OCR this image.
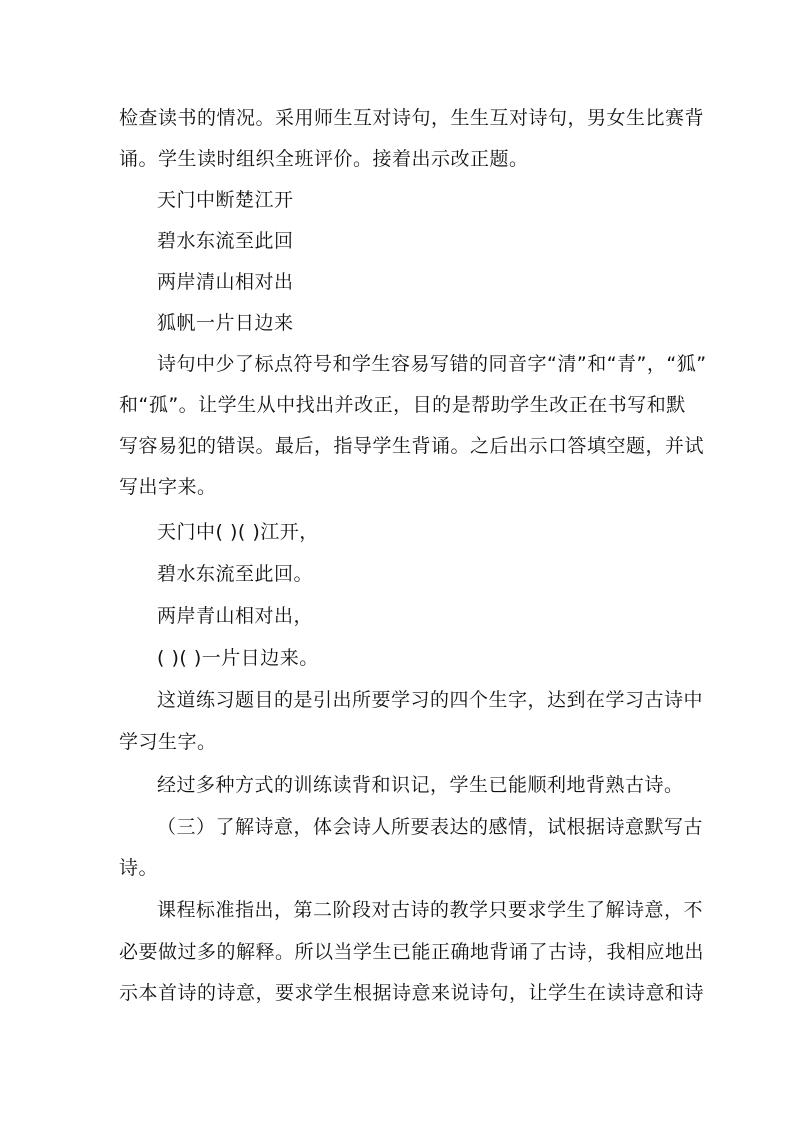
检查读书的情况。采用师生互对诗句，生生互对诗句，男女生比赛背
诵。学生读时组织全班评价。接着出示改正题。
天门中断楚江开
碧水东流至此回
两岸清山相对出
狐帆一片日边来
诗句中少了标点符号和学生容易写错的同音字“清”和“青”，“狐”
和“孤”。让学生从中找出并改正，目的是帮助学生改正在书写和默
写容易犯的错误。最后，指导学生背诵。之后出示口答填空题，并试
写出字来。
天门中( )( )江开，
碧水东流至此回。
两岸青山相对出，
( )( )一片日边来。
这道练习题目的是引出所要学习的四个生字，达到在学习古诗中
学习生字。
经过多种方式的训练读背和识记，学生已能顺利地背熟古诗。
（三）了解诗意，体会诗人所要表达的感情，试根据诗意默写古
诗。
课程标准指出，第二阶段对古诗的教学只要求学生了解诗意，不
必要做过多的解释。所以当学生已能正确地背诵了古诗，我相应地出
示本首诗的诗意，要求学生根据诗意来说诗句，让学生在读诗意和诗
